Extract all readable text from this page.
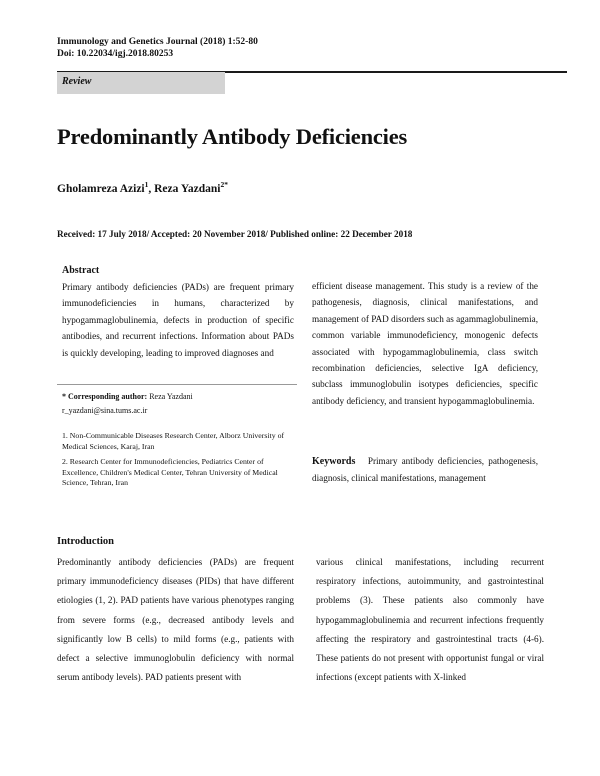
Immunology and Genetics Journal (2018) 1:52-80
Doi: 10.22034/igj.2018.80253
Review
Predominantly Antibody Deficiencies
Gholamreza Azizi$^1$, Reza Yazdani$^{2*}$
Received: 17 July 2018/ Accepted: 20 November 2018/ Published online: 22 December 2018
Abstract
Primary antibody deficiencies (PADs) are frequent primary immunodeficiencies in humans, characterized by hypogammaglobulinemia, defects in production of specific antibodies, and recurrent infections. Information about PADs is quickly developing, leading to improved diagnoses and
efficient disease management. This study is a review of the pathogenesis, diagnosis, clinical manifestations, and management of PAD disorders such as agammaglobulinemia, common variable immunodeficiency, monogenic defects associated with hypogammaglobulinemia, class switch recombination deficiencies, selective IgA deficiency, subclass immunoglobulin isotypes deficiencies, specific antibody deficiency, and transient hypogammaglobulinemia.
* Corresponding author: Reza Yazdani
r_yazdani@sina.tums.ac.ir
1. Non-Communicable Diseases Research Center, Alborz University of Medical Sciences, Karaj, Iran
2. Research Center for Immunodeficiencies, Pediatrics Center of Excellence, Children's Medical Center, Tehran University of Medical Science, Tehran, Iran
Keywords Primary antibody deficiencies, pathogenesis, diagnosis, clinical manifestations, management
Introduction
Predominantly antibody deficiencies (PADs) are frequent primary immunodeficiency diseases (PIDs) that have different etiologies (1, 2). PAD patients have various phenotypes ranging from severe forms (e.g., decreased antibody levels and significantly low B cells) to mild forms (e.g., patients with defect a selective immunoglobulin deficiency with normal serum antibody levels). PAD patients present with
various clinical manifestations, including recurrent respiratory infections, autoimmunity, and gastrointestinal problems (3). These patients also commonly have hypogammaglobulinemia and recurrent infections frequently affecting the respiratory and gastrointestinal tracts (4-6). These patients do not present with opportunist fungal or viral infections (except patients with X-linked
